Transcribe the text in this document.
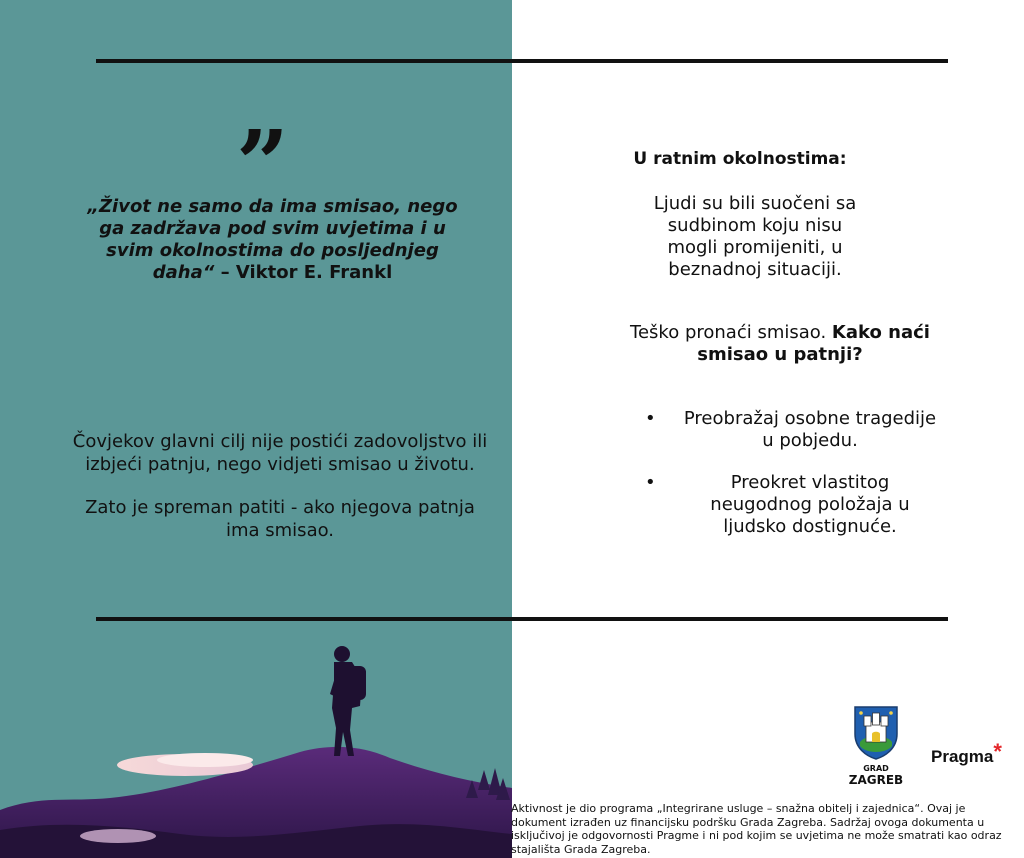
”
„Život ne samo da ima smisao, nego ga zadržava pod svim uvjetima i u svim okolnostima do posljednjeg daha“ – Viktor E. Frankl

Čovjekov glavni cilj nije postići zadovoljstvo ili izbjeći patnju, nego vidjeti smisao u životu.

Zato je spreman patiti - ako njegova patnja ima smisao.

U ratnim okolnostima:
Ljudi su bili suočeni sa sudbinom koju nisu mogli promijeniti, u beznadnoj situaciji.
Teško pronaći smisao. Kako naći smisao u patnji?
• Preobražaj osobne tragedije u pobjedu.
•	Preokret vlastitog neugodnog položaja u ljudsko dostignuće.
GRAD
ZAGREB
Pragma*
Aktivnost je dio programa „Integrirane usluge – snažna obitelj i zajednica“. Ovaj je dokument izrađen uz financijsku podršku Grada Zagreba. Sadržaj ovoga dokumenta u isključivoj je odgovornosti Pragme i ni pod kojim se uvjetima ne može smatrati kao odraz stajališta Grada Zagreba.
